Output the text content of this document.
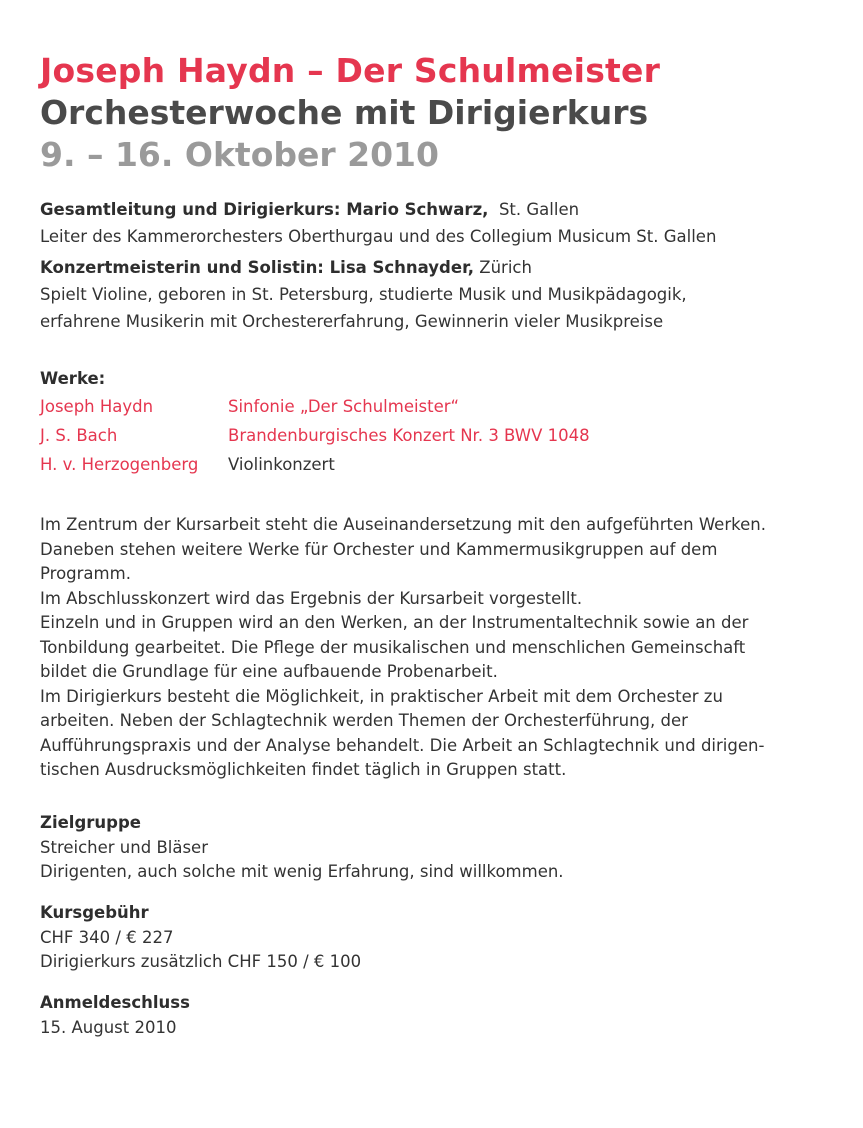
Joseph Haydn – Der Schulmeister
Orchesterwoche mit Dirigierkurs
9. – 16. Oktober 2010
Gesamtleitung und Dirigierkurs: Mario Schwarz, St. Gallen
Leiter des Kammerorchesters Oberthurgau und des Collegium Musicum St. Gallen
Konzertmeisterin und Solistin: Lisa Schnayder, Zürich
Spielt Violine, geboren in St. Petersburg, studierte Musik und Musikpädagogik,
erfahrene Musikerin mit Orchestererfahrung, Gewinnerin vieler Musikpreise
Werke:
Joseph Haydn	Sinfonie „Der Schulmeister“
J. S. Bach	Brandenburgisches Konzert Nr. 3 BWV 1048
H. v. Herzogenberg	Violinkonzert

Im Zentrum der Kursarbeit steht die Auseinandersetzung mit den aufgeführten Werken.

Daneben stehen weitere Werke für Orchester und Kammermusikgruppen auf dem

Programm.

Im Abschlusskonzert wird das Ergebnis der Kursarbeit vorgestellt.

Einzeln und in Gruppen wird an den Werken, an der Instrumentaltechnik sowie an der

Tonbildung gearbeitet. Die Pflege der musikalischen und menschlichen Gemeinschaft

bildet die Grundlage für eine aufbauende Probenarbeit.

Im Dirigierkurs besteht die Möglichkeit, in praktischer Arbeit mit dem Orchester zu

arbeiten. Neben der Schlagtechnik werden Themen der Orchesterführung, der

Aufführungspraxis und der Analyse behandelt. Die Arbeit an Schlagtechnik und dirigen-

tischen Ausdrucksmöglichkeiten findet täglich in Gruppen statt.

Zielgruppe
Streicher und Bläser
Dirigenten, auch solche mit wenig Erfahrung, sind willkommen.
Kursgebühr
CHF 340 / € 227
Dirigierkurs zusätzlich CHF 150 / € 100
Anmeldeschluss
15. August 2010
